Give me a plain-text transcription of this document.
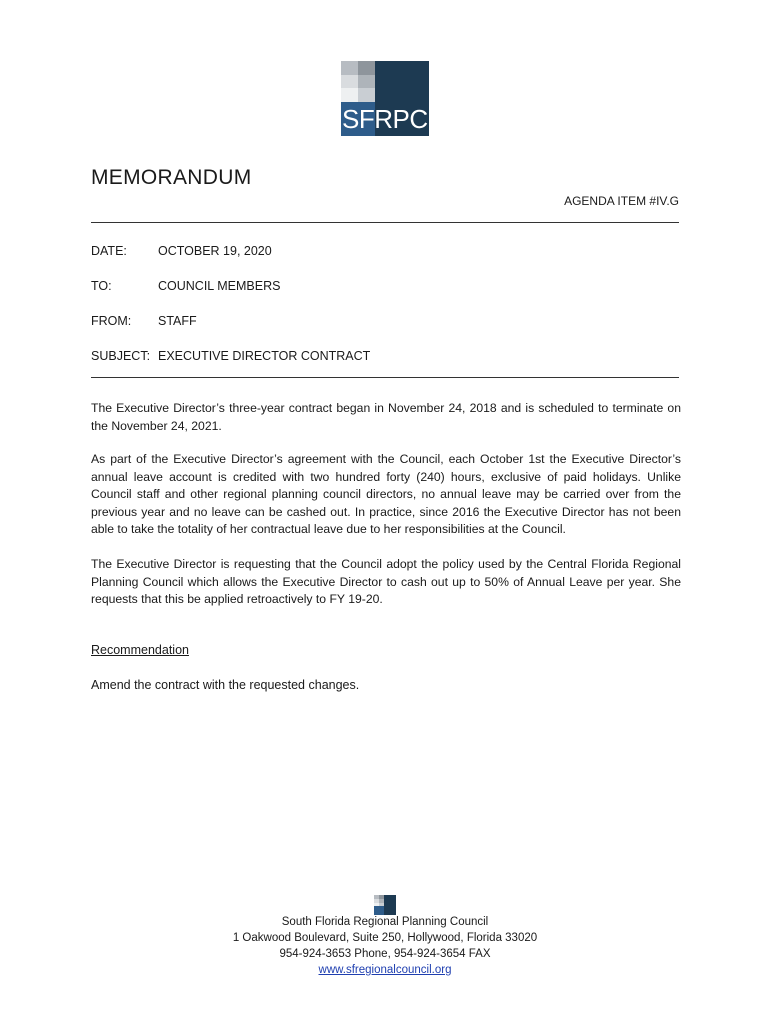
SFRPC
MEMORANDUM
AGENDA ITEM #IV.G
DATE: OCTOBER 19, 2020
TO:	COUNCIL MEMBERS
FROM: STAFF
SUBJECT: EXECUTIVE DIRECTOR CONTRACT
The Executive Director’s three-year contract began in November 24, 2018 and is scheduled to terminate on the November 24, 2021.
As part of the Executive Director’s agreement with the Council, each October 1st the Executive Director’s annual leave account is credited with two hundred forty (240) hours, exclusive of paid holidays. Unlike Council staff and other regional planning council directors, no annual leave may be carried over from the previous year and no leave can be cashed out. In practice, since 2016 the Executive Director has not been able to take the totality of her contractual leave due to her responsibilities at the Council.
The Executive Director is requesting that the Council adopt the policy used by the Central Florida Regional Planning Council which allows the Executive Director to cash out up to 50% of Annual Leave per year. She requests that this be applied retroactively to FY 19-20.
Recommendation
Amend the contract with the requested changes.
South Florida Regional Planning Council
1 Oakwood Boulevard, Suite 250, Hollywood, Florida 33020
954-924-3653 Phone, 954-924-3654 FAX
www.sfregionalcouncil.org
